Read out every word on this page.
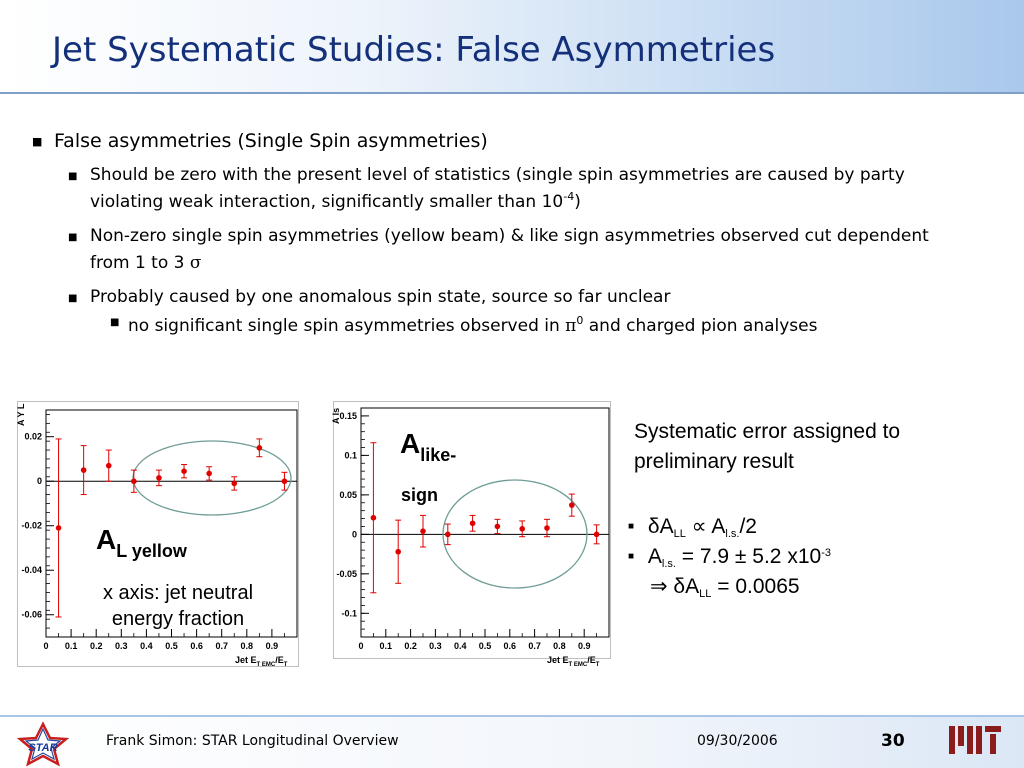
Jet Systematic Studies: False Asymmetries
■ False asymmetries (Single Spin asymmetries)
■ Should be zero with the present level of statistics (single spin asymmetries are caused by party violating weak interaction, significantly smaller than $10^{-4}$)
■ Non-zero single spin asymmetries (yellow beam) & like sign asymmetries observed cut dependent from 1 to 3 σ
■ Probably caused by one anomalous spin state, source so far unclear
■ no significant single spin asymmetries observed in $\pi^0$ and charged pion analyses
0.02
0
-0.02
-0.04
-0.06
0 0.1 0.2 0.3 0.4 0.5 0.6 0.7 0.8 0.9
Jet $E_{T EMC}/E_T$
A Y L
$A_{L yellow}$
x axis: jet neutral
energy fraction
0.15
0.1
0.05
0
-0.05
-0.1
0 0.1 0.2 0.3 0.4 0.5 0.6 0.7 0.8 0.9
Jet $E_{T EMC}/E_T$
A ls
$A_{like-}$
sign
Systematic error assigned to
preliminary result
■ $\delta A_{LL} \propto A_{l.s.}/2$
■ $A_{l.s.} = 7.9 \pm 5.2$ $x10^{-3}$
⇒ $\delta A_{LL} = 0.0065$
STAR	Frank Simon: STAR Longitudinal Overview	09/30/2006	30
